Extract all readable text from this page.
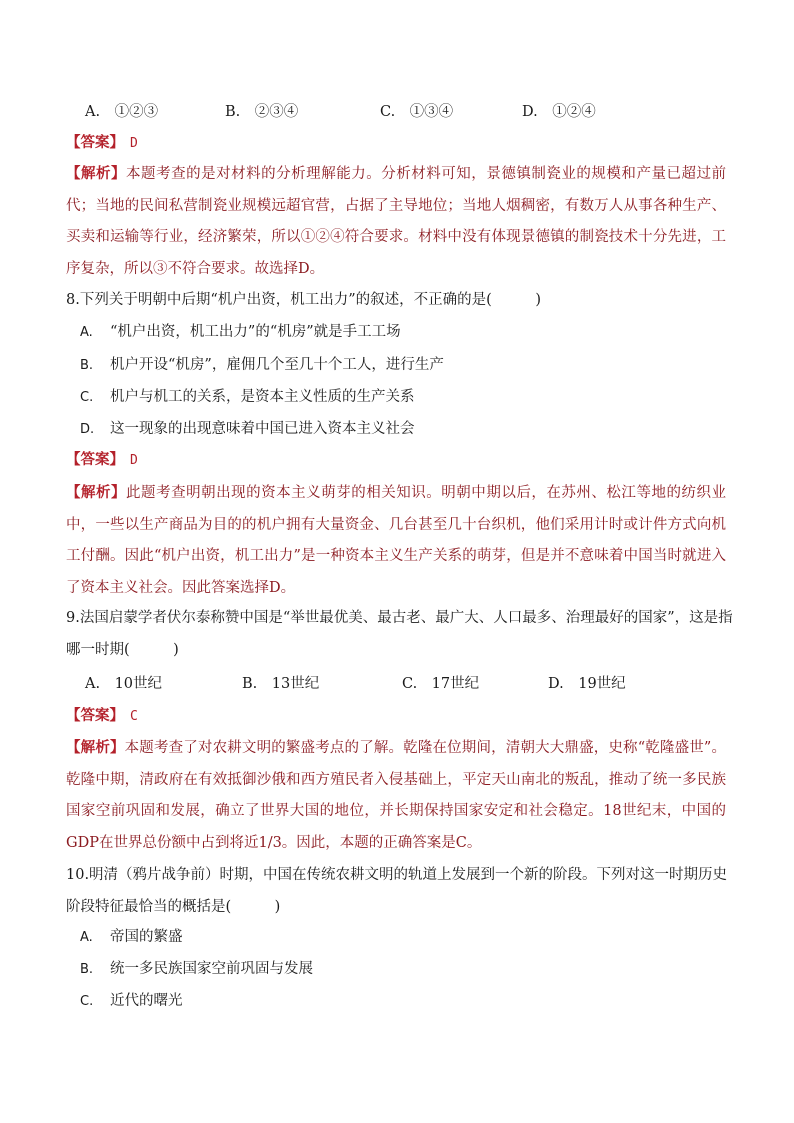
A.　①②③	B.　②③④	C.　①③④	D.　①②④
【答案】 D
【解析】本题考查的是对材料的分析理解能力。分析材料可知，景德镇制瓷业的规模和产量已超过前代；当地的民间私营制瓷业规模远超官营，占据了主导地位；当地人烟稠密，有数万人从事各种生产、买卖和运输等行业，经济繁荣，所以①②④符合要求。材料中没有体现景德镇的制瓷技术十分先进，工序复杂，所以③不符合要求。故选择D。
8.下列关于明朝中后期“机户出资，机工出力”的叙述，不正确的是(　　　)
A. “机户出资，机工出力”的“机房”就是手工工场
B. 机户开设“机房”，雇佣几个至几十个工人，进行生产
C. 机户与机工的关系，是资本主义性质的生产关系
D. 这一现象的出现意味着中国已进入资本主义社会
【答案】 D
【解析】此题考查明朝出现的资本主义萌芽的相关知识。明朝中期以后，在苏州、松江等地的纺织业中，一些以生产商品为目的的机户拥有大量资金、几台甚至几十台织机，他们采用计时或计件方式向机工付酬。因此“机户出资，机工出力”是一种资本主义生产关系的萌芽，但是并不意味着中国当时就进入了资本主义社会。因此答案选择D。
9.法国启蒙学者伏尔泰称赞中国是“举世最优美、最古老、最广大、人口最多、治理最好的国家”，这是指哪一时期(　　　)
A.　10世纪	B.　13世纪	C.　17世纪	D.　19世纪
【答案】 C
【解析】本题考查了对农耕文明的繁盛考点的了解。乾隆在位期间，清朝大大鼎盛，史称“乾隆盛世”。乾隆中期，清政府在有效抵御沙俄和西方殖民者入侵基础上，平定天山南北的叛乱，推动了统一多民族国家空前巩固和发展，确立了世界大国的地位，并长期保持国家安定和社会稳定。18世纪末，中国的GDP在世界总份额中占到将近1/3。因此，本题的正确答案是C。
10.明清（鸦片战争前）时期，中国在传统农耕文明的轨道上发展到一个新的阶段。下列对这一时期历史阶段特征最恰当的概括是(　　　)
A. 帝国的繁盛
B. 统一多民族国家空前巩固与发展
C. 近代的曙光
